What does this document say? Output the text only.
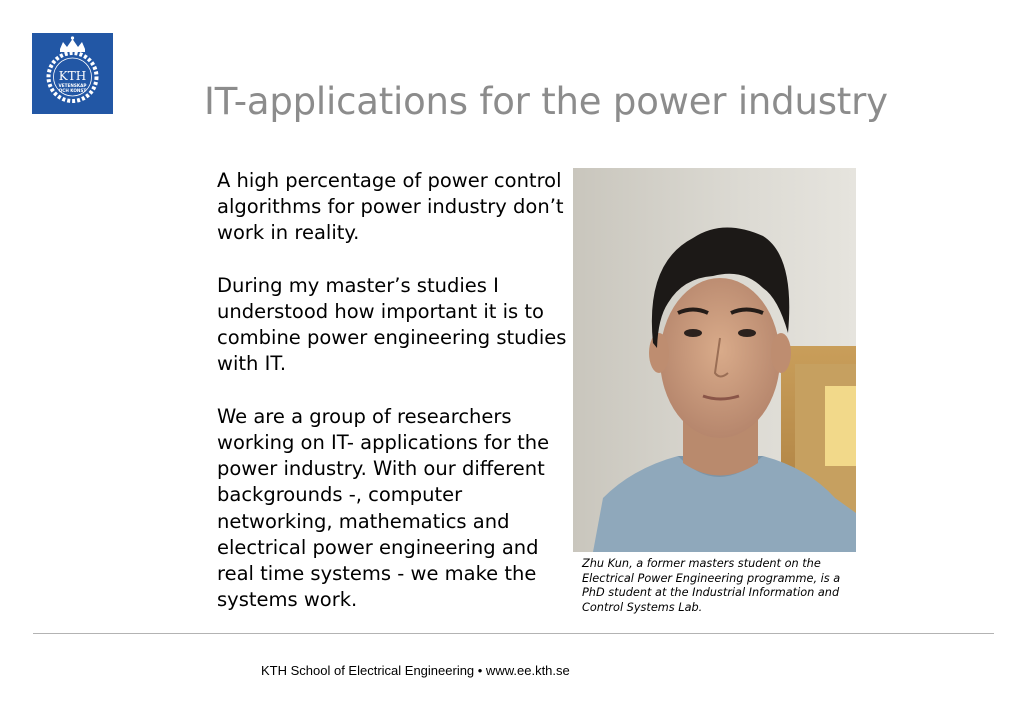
KTH
VETENSKAP
OCH KONST	IT-applications for the power industry

A high percentage of power control algorithms for power industry don’t work in reality.

During my master’s studies I understood how important it is to combine power engineering studies with IT.

We are a group of researchers working on IT- applications for the power industry. With our different backgrounds -, computer networking, mathematics and electrical power engineering and real time systems - we make the systems work.

Zhu Kun, a former masters student on the Electrical Power Engineering programme, is a PhD student at the Industrial Information and Control Systems Lab.
KTH School of Electrical Engineering • www.ee.kth.se
